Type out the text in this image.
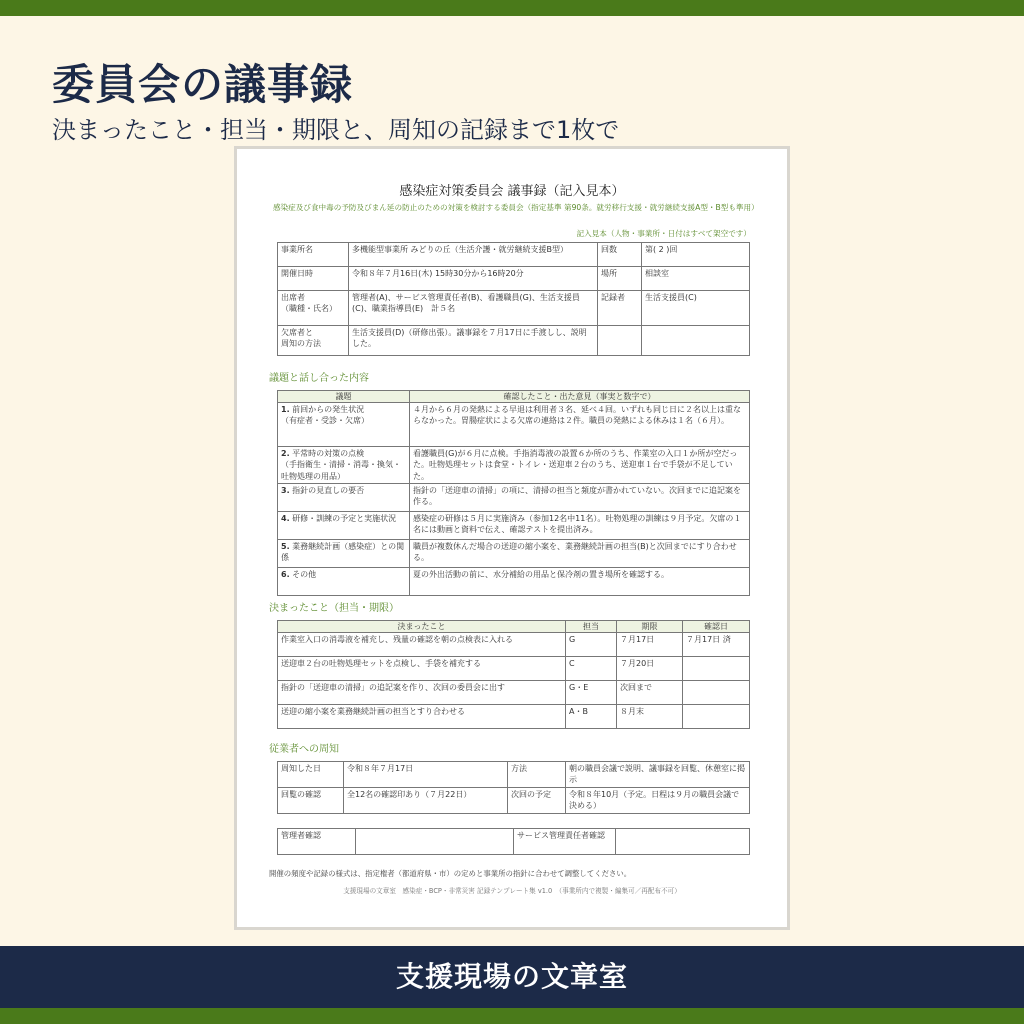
委員会の議事録
決まったこと・担当・期限と、周知の記録まで1枚で
感染症対策委員会 議事録（記入見本）
感染症及び食中毒の予防及びまん延の防止のための対策を検討する委員会（指定基準 第90条。就労移行支援・就労継続支援A型・B型も準用）
記入見本（人物・事業所・日付はすべて架空です）
事業所名	多機能型事業所 みどりの丘（生活介護・就労継続支援B型）	回数	第( 2 )回
開催日時	令和８年７月16日(木) 15時30分から16時20分	場所	相談室
出席者
（職種・氏名）	管理者(A)、サービス管理責任者(B)、看護職員(G)、生活支援員(C)、職業指導員(E)　計５名	記録者	生活支援員(C)
欠席者と
周知の方法	生活支援員(D)（研修出張）。議事録を７月17日に手渡しし、説明した。		
議題と話し合った内容
議題	確認したこと・出た意見（事実と数字で）
1. 前回からの発生状況
（有症者・受診・欠席）	４月から６月の発熱による早退は利用者３名、延べ４回。いずれも同じ日に２名以上は重ならなかった。胃腸症状による欠席の連絡は２件。職員の発熱による休みは１名（６月）。
2. 平常時の対策の点検
（手指衛生・清掃・消毒・換気・吐物処理の用品）	看護職員(G)が６月に点検。手指消毒液の設置６か所のうち、作業室の入口１か所が空だった。吐物処理セットは食堂・トイレ・送迎車２台のうち、送迎車１台で手袋が不足していた。
3. 指針の見直しの要否	指針の「送迎車の清掃」の項に、清掃の担当と頻度が書かれていない。次回までに追記案を作る。
4. 研修・訓練の予定と実施状況	感染症の研修は５月に実施済み（参加12名中11名）。吐物処理の訓練は９月予定。欠席の１名には動画と資料で伝え、確認テストを提出済み。
5. 業務継続計画（感染症）との関係	職員が複数休んだ場合の送迎の縮小案を、業務継続計画の担当(B)と次回までにすり合わせる。
6. その他	夏の外出活動の前に、水分補給の用品と保冷剤の置き場所を確認する。
決まったこと（担当・期限）
決まったこと	担当	期限	確認日
作業室入口の消毒液を補充し、残量の確認を朝の点検表に入れる	G	７月17日	７月17日 済
送迎車２台の吐物処理セットを点検し、手袋を補充する	C	７月20日	
指針の「送迎車の清掃」の追記案を作り、次回の委員会に出す	G・E	次回まで	
送迎の縮小案を業務継続計画の担当とすり合わせる	A・B	８月末	
従業者への周知
周知した日	令和８年７月17日	方法	朝の職員会議で説明、議事録を回覧、休憩室に掲示
回覧の確認	全12名の確認印あり（７月22日）	次回の予定	令和８年10月（予定。日程は９月の職員会議で決める）
管理者確認		サービス管理責任者確認	
開催の頻度や記録の様式は、指定権者（都道府県・市）の定めと事業所の指針に合わせて調整してください。
支援現場の文章室　感染症・BCP・非常災害 記録テンプレート集 v1.0　（事業所内で複製・編集可／再配布不可）
支援現場の文章室
